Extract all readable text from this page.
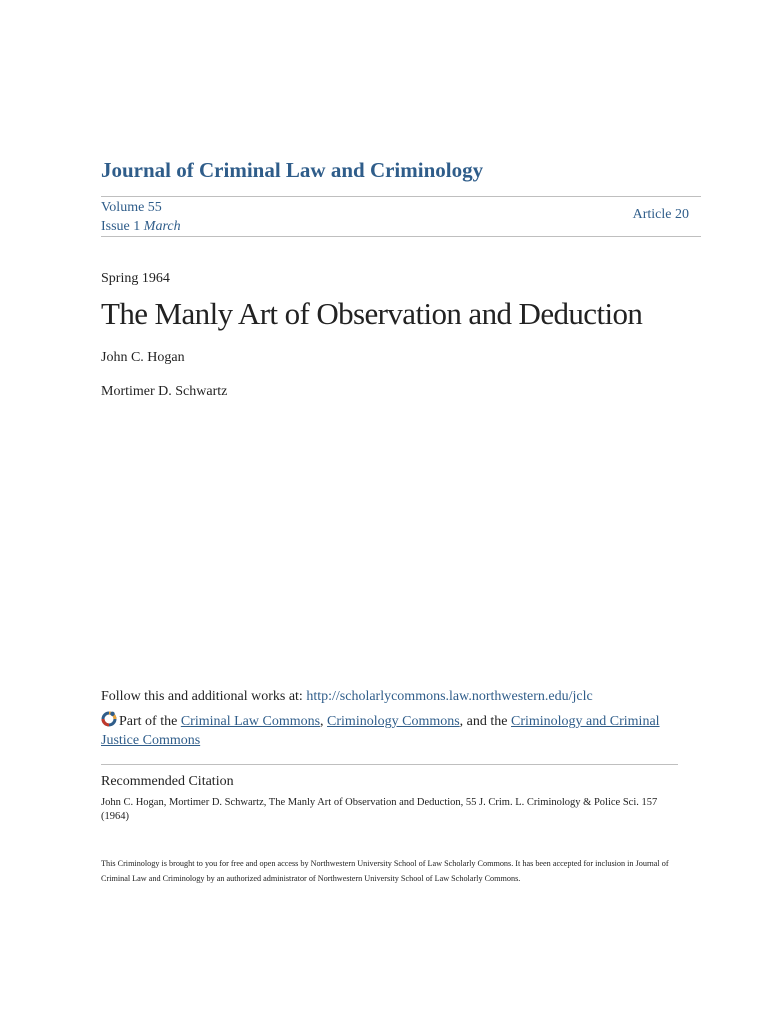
Journal of Criminal Law and Criminology
Volume 55
Issue 1 March
Article 20
Spring 1964
The Manly Art of Observation and Deduction
John C. Hogan
Mortimer D. Schwartz
Follow this and additional works at: http://scholarlycommons.law.northwestern.edu/jclc
Part of the Criminal Law Commons, Criminology Commons, and the Criminology and Criminal Justice Commons
Recommended Citation
John C. Hogan, Mortimer D. Schwartz, The Manly Art of Observation and Deduction, 55 J. Crim. L. Criminology & Police Sci. 157 (1964)
This Criminology is brought to you for free and open access by Northwestern University School of Law Scholarly Commons. It has been accepted for inclusion in Journal of Criminal Law and Criminology by an authorized administrator of Northwestern University School of Law Scholarly Commons.
